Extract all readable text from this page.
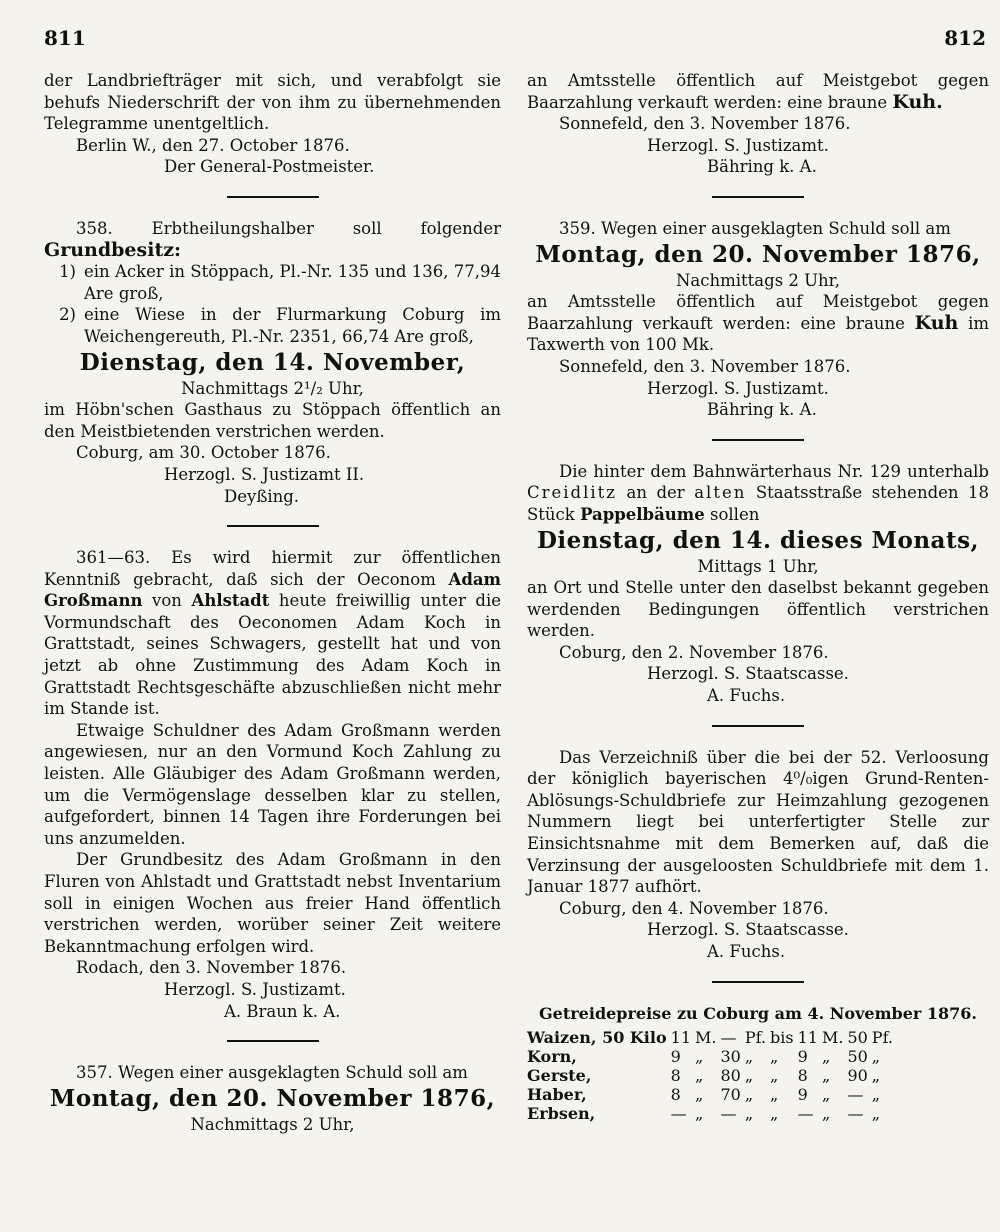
811	812

der Landbriefträger mit sich, und verabfolgt sie behufs Niederschrift der von ihm zu übernehmenden Telegramme unentgeltlich.

Berlin W., den 27. October 1876.

Der General-Postmeister.

358. Erbtheilungshalber soll folgender Grundbesitz:

1) ein Acker in Stöppach, Pl.-Nr. 135 und 136, 77,94 Are groß,
2) eine Wiese in der Flurmarkung Coburg im Weichengereuth, Pl.-Nr. 2351, 66,74 Are groß,

Dienstag, den 14. November,

Nachmittags 2¹/₂ Uhr,

im Höbn'schen Gasthaus zu Stöppach öffentlich an den Meistbietenden verstrichen werden.

Coburg, am 30. October 1876.

Herzogl. S. Justizamt II.

Deyßing.

361—63. Es wird hiermit zur öffentlichen Kenntniß gebracht, daß sich der Oeconom Adam Großmann von Ahlstadt heute freiwillig unter die Vormundschaft des Oeconomen Adam Koch in Grattstadt, seines Schwagers, gestellt hat und von jetzt ab ohne Zustimmung des Adam Koch in Grattstadt Rechtsgeschäfte abzuschließen nicht mehr im Stande ist.

Etwaige Schuldner des Adam Großmann werden angewiesen, nur an den Vormund Koch Zahlung zu leisten. Alle Gläubiger des Adam Großmann werden, um die Vermögenslage desselben klar zu stellen, aufgefordert, binnen 14 Tagen ihre Forderungen bei uns anzumelden.

Der Grundbesitz des Adam Großmann in den Fluren von Ahlstadt und Grattstadt nebst Inventarium soll in einigen Wochen aus freier Hand öffentlich verstrichen werden, worüber seiner Zeit weitere Bekanntmachung erfolgen wird.

Rodach, den 3. November 1876.

Herzogl. S. Justizamt.

A. Braun k. A.

357. Wegen einer ausgeklagten Schuld soll am

Montag, den 20. November 1876,

Nachmittags 2 Uhr,

an Amtsstelle öffentlich auf Meistgebot gegen Baarzahlung verkauft werden: eine braune Kuh.

Sonnefeld, den 3. November 1876.

Herzogl. S. Justizamt.

Bähring k. A.

359. Wegen einer ausgeklagten Schuld soll am

Montag, den 20. November 1876,

Nachmittags 2 Uhr,

an Amtsstelle öffentlich auf Meistgebot gegen Baarzahlung verkauft werden: eine braune Kuh im Taxwerth von 100 Mk.

Sonnefeld, den 3. November 1876.

Herzogl. S. Justizamt.

Bähring k. A.

Die hinter dem Bahnwärterhaus Nr. 129 unterhalb Creidlitz an der alten Staatsstraße stehenden 18 Stück Pappelbäume sollen

Dienstag, den 14. dieses Monats,

Mittags 1 Uhr,

an Ort und Stelle unter den daselbst bekannt gegeben werdenden Bedingungen öffentlich verstrichen werden.

Coburg, den 2. November 1876.

Herzogl. S. Staatscasse.

A. Fuchs.

Das Verzeichniß über die bei der 52. Verloosung der königlich bayerischen 4⁰/₀igen Grund-Renten-Ablösungs-Schuldbriefe zur Heimzahlung gezogenen Nummern liegt bei unterfertigter Stelle zur Einsichtsnahme mit dem Bemerken auf, daß die Verzinsung der ausgeloosten Schuldbriefe mit dem 1. Januar 1877 aufhört.

Coburg, den 4. November 1876.

Herzogl. S. Staatscasse.

A. Fuchs.

Getreidepreise zu Coburg am 4. November 1876.

Waizen, 50 Kilo	11	M.	—	Pf.	bis	11	M.	50	Pf.
Korn,	9	„	30	„	„	9	„	50	„
Gerste,	8	„	80	„	„	8	„	90	„
Haber,	8	„	70	„	„	9	„	—	„
Erbsen,	—	„	—	„	„	—	„	—	„
